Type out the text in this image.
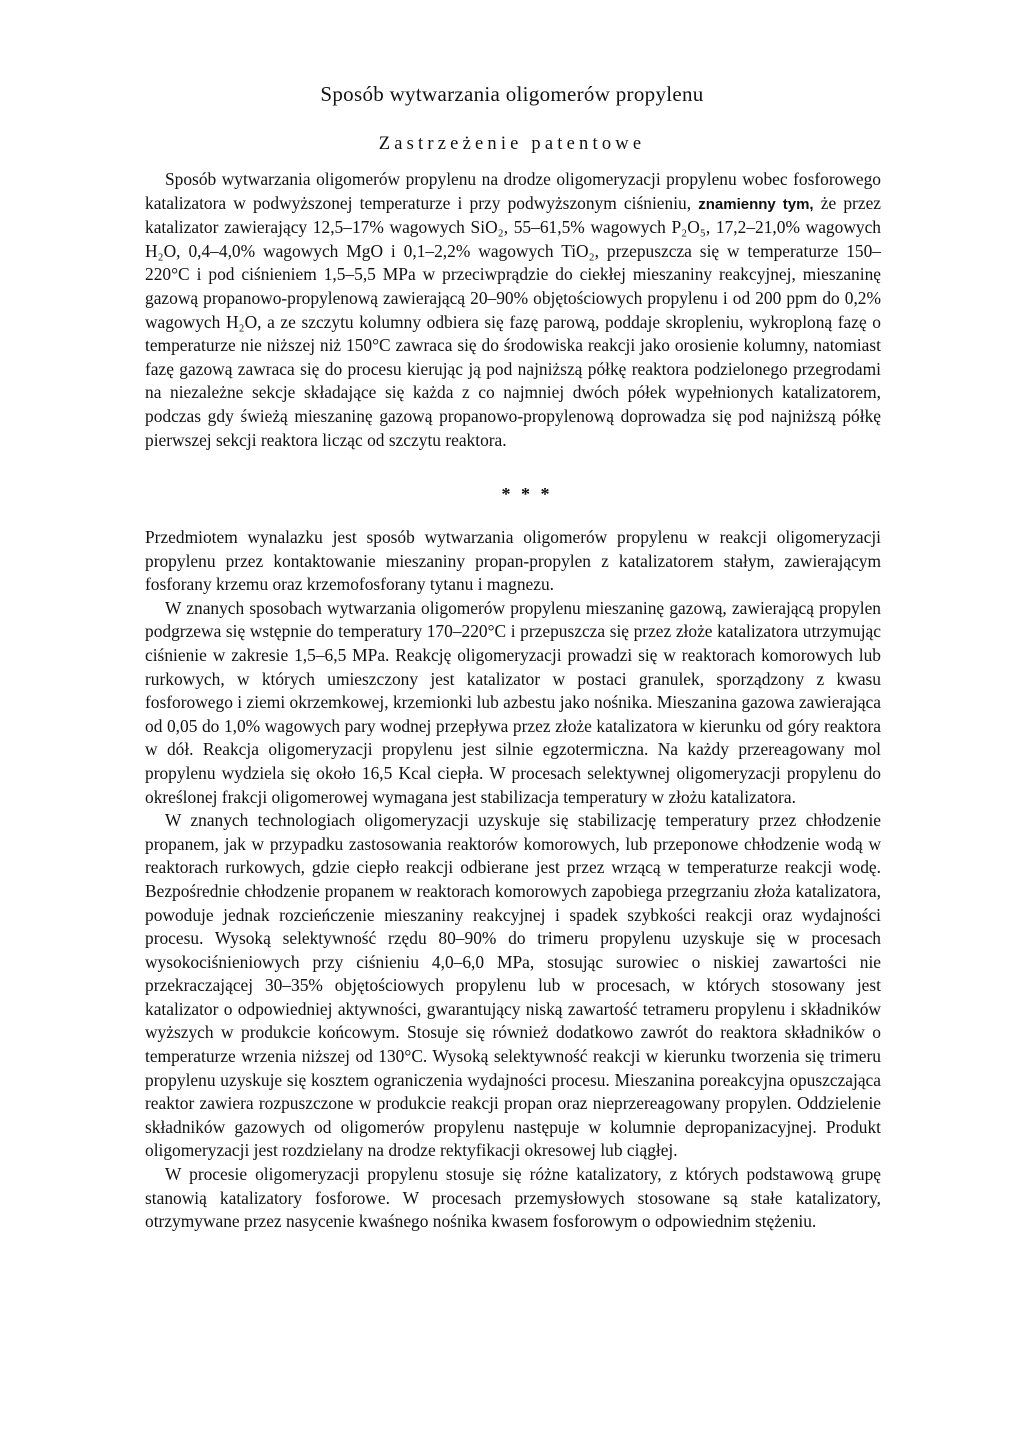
Sposób wytwarzania oligomerów propylenu
Zastrzeżenie patentowe

Sposób wytwarzania oligomerów propylenu na drodze oligomeryzacji propylenu wobec fosforowego katalizatora w podwyższonej temperaturze i przy podwyższonym ciśnieniu, znamienny tym, że przez katalizator zawierający 12,5–17% wagowych SiO₂, 55–61,5% wagowych P₂O₅, 17,2–21,0% wagowych H₂O, 0,4–4,0% wagowych MgO i 0,1–2,2% wagowych TiO₂, przepuszcza się w temperaturze 150–220°C i pod ciśnieniem 1,5–5,5 MPa w przeciwprądzie do ciekłej mieszaniny reakcyjnej, mieszaninę gazową propanowo-propylenową zawierającą 20–90% objętościowych propylenu i od 200 ppm do 0,2% wagowych H₂O, a ze szczytu kolumny odbiera się fazę parową, poddaje skropleniu, wykroploną fazę o temperaturze nie niższej niż 150°C zawraca się do środowiska reakcji jako orosienie kolumny, natomiast fazę gazową zawraca się do procesu kierując ją pod najniższą półkę reaktora podzielonego przegrodami na niezależne sekcje składające się każda z co najmniej dwóch półek wypełnionych katalizatorem, podczas gdy świeżą mieszaninę gazową propanowo-propylenową doprowadza się pod najniższą półkę pierwszej sekcji reaktora licząc od szczytu reaktora.

* * *

Przedmiotem wynalazku jest sposób wytwarzania oligomerów propylenu w reakcji oligomeryzacji propylenu przez kontaktowanie mieszaniny propan-propylen z katalizatorem stałym, zawierającym fosforany krzemu oraz krzemofosforany tytanu i magnezu.

W znanych sposobach wytwarzania oligomerów propylenu mieszaninę gazową, zawierającą propylen podgrzewa się wstępnie do temperatury 170–220°C i przepuszcza się przez złoże katalizatora utrzymując ciśnienie w zakresie 1,5–6,5 MPa. Reakcję oligomeryzacji prowadzi się w reaktorach komorowych lub rurkowych, w których umieszczony jest katalizator w postaci granulek, sporządzony z kwasu fosforowego i ziemi okrzemkowej, krzemionki lub azbestu jako nośnika. Mieszanina gazowa zawierająca od 0,05 do 1,0% wagowych pary wodnej przepływa przez złoże katalizatora w kierunku od góry reaktora w dół. Reakcja oligomeryzacji propylenu jest silnie egzotermiczna. Na każdy przereagowany mol propylenu wydziela się około 16,5 Kcal ciepła. W procesach selektywnej oligomeryzacji propylenu do określonej frakcji oligomerowej wymagana jest stabilizacja temperatury w złożu katalizatora.

W znanych technologiach oligomeryzacji uzyskuje się stabilizację temperatury przez chłodzenie propanem, jak w przypadku zastosowania reaktorów komorowych, lub przeponowe chłodzenie wodą w reaktorach rurkowych, gdzie ciepło reakcji odbierane jest przez wrzącą w temperaturze reakcji wodę. Bezpośrednie chłodzenie propanem w reaktorach komorowych zapobiega przegrzaniu złoża katalizatora, powoduje jednak rozcieńczenie mieszaniny reakcyjnej i spadek szybkości reakcji oraz wydajności procesu. Wysoką selektywność rzędu 80–90% do trimeru propylenu uzyskuje się w procesach wysokociśnieniowych przy ciśnieniu 4,0–6,0 MPa, stosując surowiec o niskiej zawartości nie przekraczającej 30–35% objętościowych propylenu lub w procesach, w których stosowany jest katalizator o odpowiedniej aktywności, gwarantujący niską zawartość tetrameru propylenu i składników wyższych w produkcie końcowym. Stosuje się również dodatkowo zawrót do reaktora składników o temperaturze wrzenia niższej od 130°C. Wysoką selektywność reakcji w kierunku tworzenia się trimeru propylenu uzyskuje się kosztem ograniczenia wydajności procesu. Mieszanina poreakcyjna opuszczająca reaktor zawiera rozpuszczone w produkcie reakcji propan oraz nieprzereagowany propylen. Oddzielenie składników gazowych od oligomerów propylenu następuje w kolumnie depropanizacyjnej. Produkt oligomeryzacji jest rozdzielany na drodze rektyfikacji okresowej lub ciągłej.

W procesie oligomeryzacji propylenu stosuje się różne katalizatory, z których podstawową grupę stanowią katalizatory fosforowe. W procesach przemysłowych stosowane są stałe katalizatory, otrzymywane przez nasycenie kwaśnego nośnika kwasem fosforowym o odpowiednim stężeniu.
